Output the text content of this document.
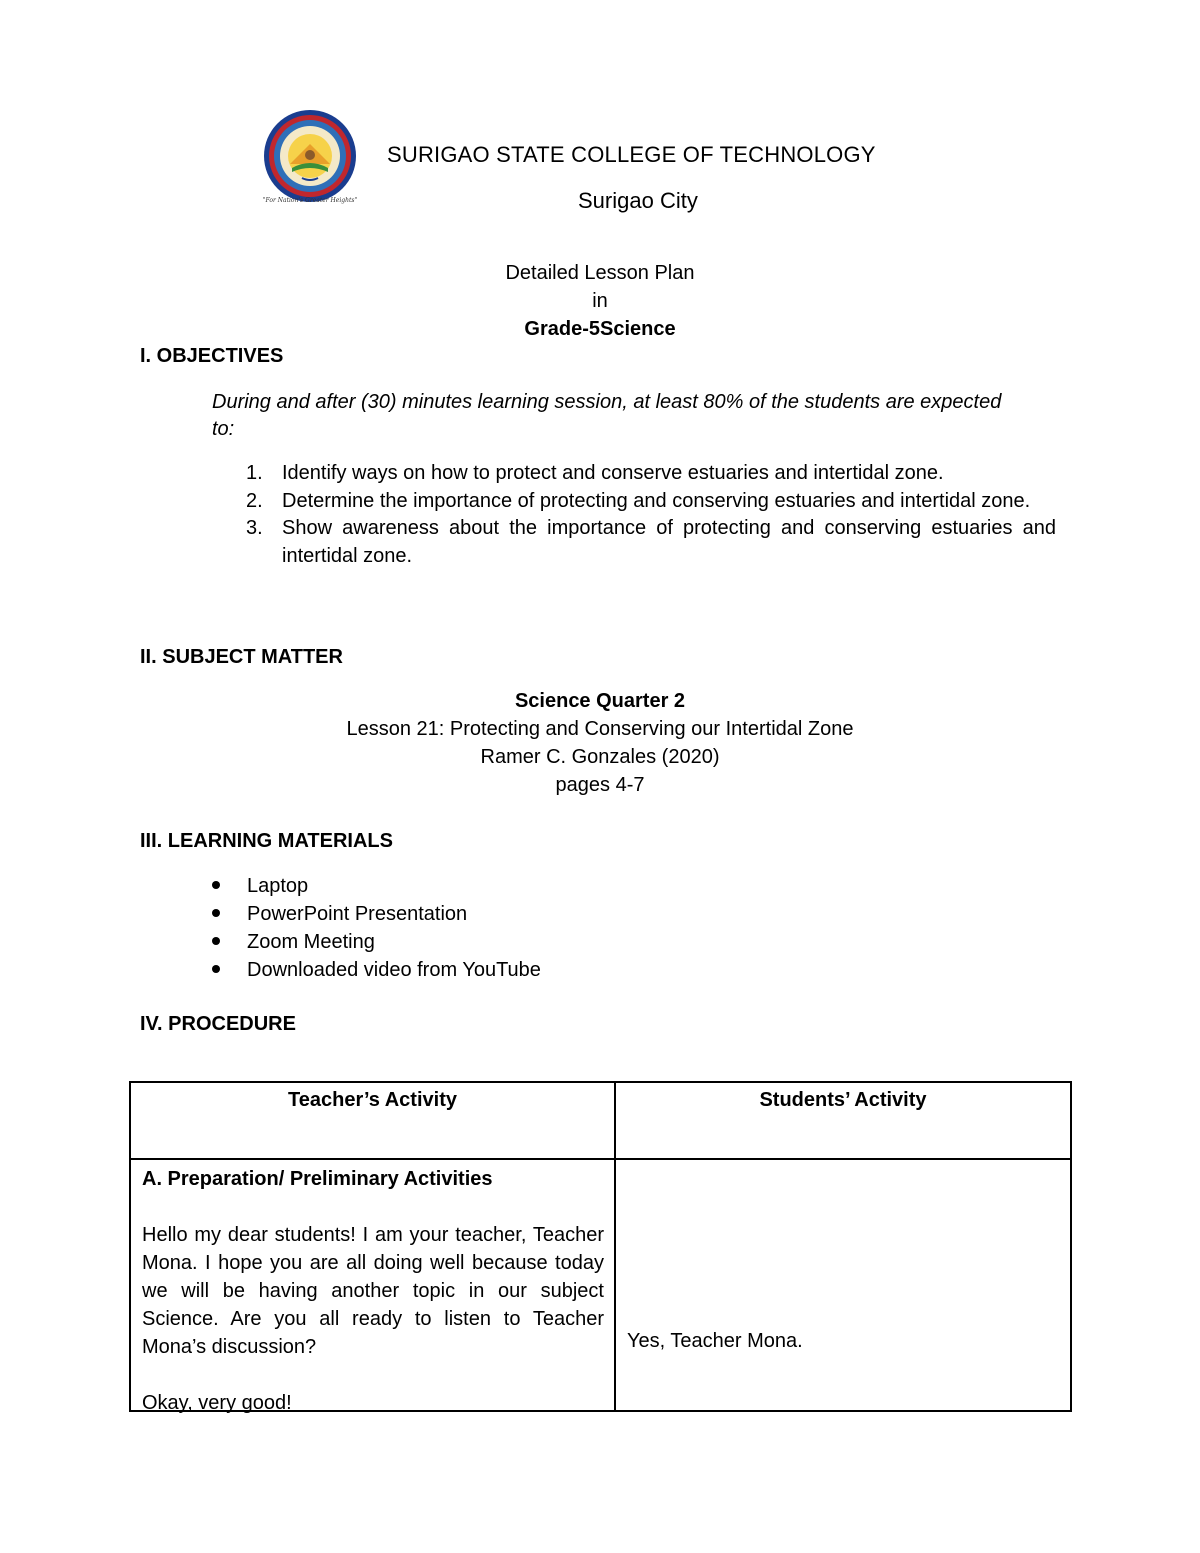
"For Nation's Greater Heights"
SURIGAO STATE COLLEGE OF TECHNOLOGY
Surigao City
Detailed Lesson Plan
in
Grade-5Science
I. OBJECTIVES
During and after (30) minutes learning session, at least 80% of the students are expected to:
1. Identify ways on how to protect and conserve estuaries and intertidal zone.
2. Determine the importance of protecting and conserving estuaries and intertidal zone.
3. Show awareness about the importance of protecting and conserving estuaries and intertidal zone.
II. SUBJECT MATTER
Science Quarter 2
Lesson 21: Protecting and Conserving our Intertidal Zone
Ramer C. Gonzales (2020)
pages 4-7
III. LEARNING MATERIALS
Laptop
PowerPoint Presentation
Zoom Meeting
Downloaded video from YouTube
IV. PROCEDURE
Teacher’s Activity	Students’ Activity

A. Preparation/ Preliminary Activities
Hello my dear students! I am your teacher, Teacher Mona. I hope you are all doing well because today we will be having another topic in our subject Science. Are you all ready to listen to Teacher Mona’s discussion?
Okay, very good!	Yes, Teacher Mona.
